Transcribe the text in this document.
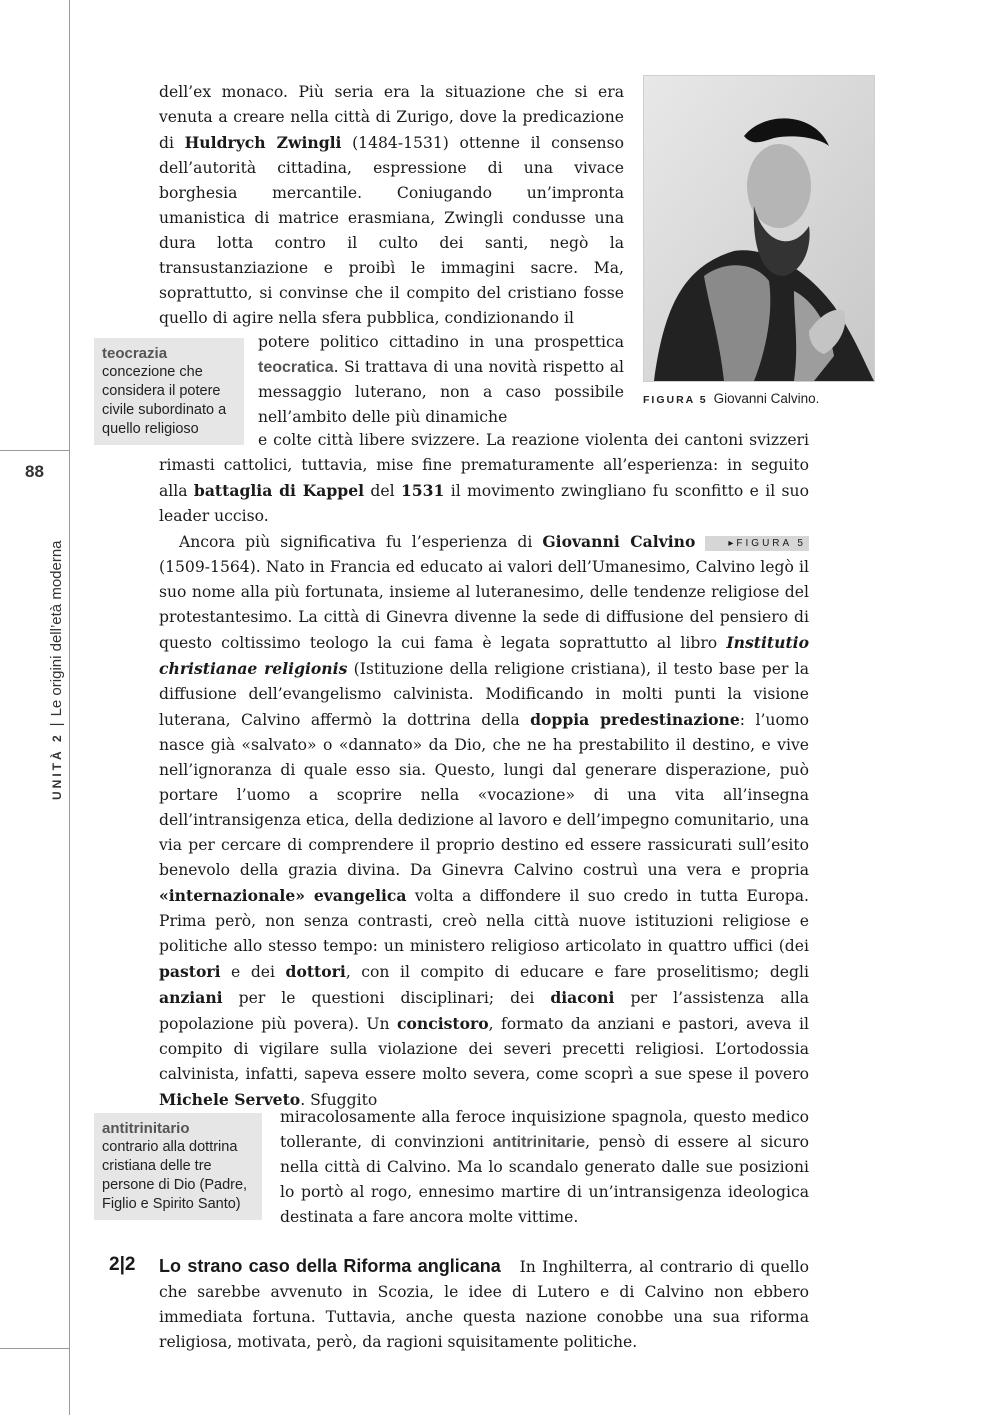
88
UNITÀ 2|Le origini dell’età moderna
FIGURA 5 Giovanni Calvino.
teocrazia
concezione che considera il potere civile subordinato a quello religioso
antitrinitario
contrario alla dottrina cristiana delle tre persone di Dio (Padre, Figlio e Spirito Santo)

dell’ex monaco. Più seria era la situazione che si era venuta a creare nella città di Zurigo, dove la predicazione di Huldrych Zwingli (1484-1531) ottenne il consenso dell’autorità cittadina, espressione di una vivace borghesia mercantile. Coniugando un’impronta umanistica di matrice erasmiana, Zwingli condusse una dura lotta contro il culto dei santi, negò la transustanziazione e proibì le immagini sacre. Ma, soprattutto, si convinse che il compito del cristiano fosse quello di agire nella sfera pubblica, condizionando il

potere politico cittadino in una prospettica teocratica. Si trattava di una novità rispetto al messaggio luterano, non a caso possibile nell’ambito delle più dinamiche

e colte città libere svizzere. La reazione violenta dei cantoni svizzeri rimasti cattolici, tuttavia, mise fine prematuramente all’esperienza: in seguito alla battaglia di Kappel del 1531 il movimento zwingliano fu sconfitto e il suo leader ucciso.

Ancora più significativa fu l’esperienza di Giovanni Calvino	▸FIGURA 5 (1509-1564). Nato in Francia ed educato ai valori dell’Umanesimo, Calvino legò il suo nome alla più fortunata, insieme al luteranesimo, delle tendenze religiose del protestantesimo. La città di Ginevra divenne la sede di diffusione del pensiero di questo coltissimo teologo la cui fama è legata soprattutto al libro Institutio christianae religionis (Istituzione della religione cristiana), il testo base per la diffusione dell’evangelismo calvinista. Modificando in molti punti la visione luterana, Calvino affermò la dottrina della doppia predestinazione: l’uomo nasce già «salvato» o «dannato» da Dio, che ne ha prestabilito il destino, e vive nell’ignoranza di quale esso sia. Questo, lungi dal generare disperazione, può portare l’uomo a scoprire nella «vocazione» di una vita all’insegna dell’intransigenza etica, della dedizione al lavoro e dell’impegno comunitario, una via per cercare di comprendere il proprio destino ed essere rassicurati sull’esito benevolo della grazia divina. Da Ginevra Calvino costruì una vera e propria «internazionale» evangelica volta a diffondere il suo credo in tutta Europa. Prima però, non senza contrasti, creò nella città nuove istituzioni religiose e politiche allo stesso tempo: un ministero religioso articolato in quattro uffici (dei pastori e dei dottori, con il compito di educare e fare proselitismo; degli anziani per le questioni disciplinari; dei diaconi per l’assistenza alla popolazione più povera). Un concistoro, formato da anziani e pastori, aveva il compito di vigilare sulla violazione dei severi precetti religiosi. L’ortodossia calvinista, infatti, sapeva essere molto severa, come scoprì a sue spese il povero Michele Serveto. Sfuggito

miracolosamente alla feroce inquisizione spagnola, questo medico tollerante, di convinzioni antitrinitarie, pensò di essere al sicuro nella città di Calvino. Ma lo scandalo generato dalle sue posizioni lo portò al rogo, ennesimo martire di un’intransigenza ideologica destinata a fare ancora molte vittime.

2|2	Lo strano caso della Riforma anglicana In Inghilterra, al contrario di quello che sarebbe avvenuto in Scozia, le idee di Lutero e di Calvino non ebbero immediata fortuna. Tuttavia, anche questa nazione conobbe una sua riforma religiosa, motivata, però, da ragioni squisitamente politiche.
